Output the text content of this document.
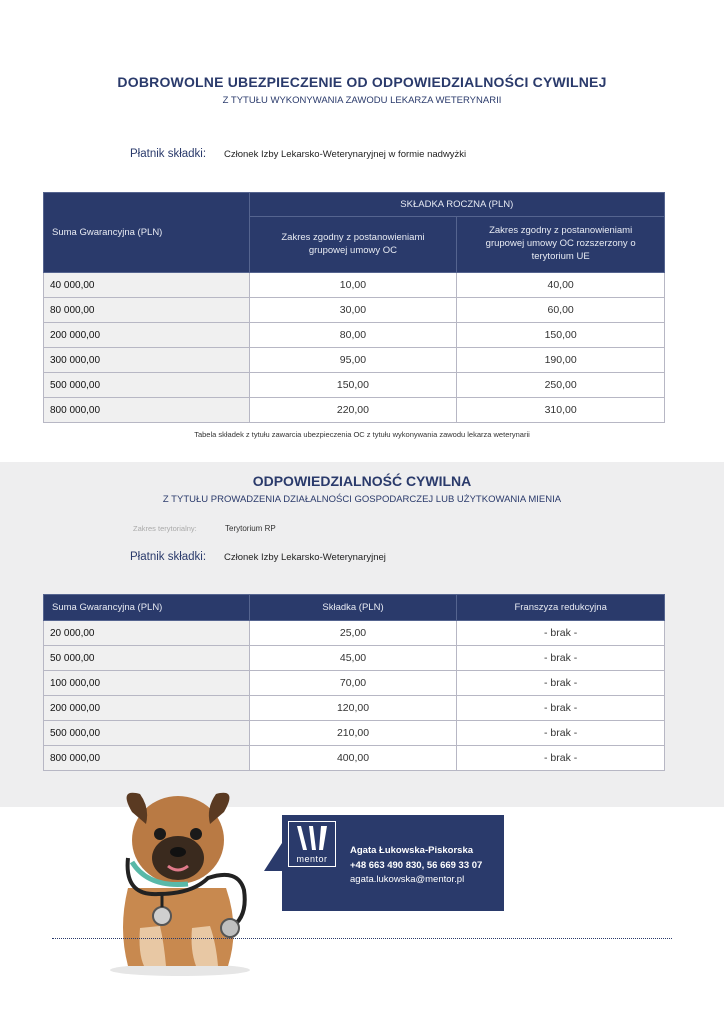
DOBROWOLNE UBEZPIECZENIE OD ODPOWIEDZIALNOŚCI CYWILNEJ
Z TYTUŁU WYKONYWANIA ZAWODU LEKARZA WETERYNARII
Płatnik składki:	Członek Izby Lekarsko-Weterynaryjnej w formie nadwyżki
Suma Gwarancyjna (PLN)	SKŁADKA ROCZNA (PLN)	
	Zakres zgodny z postanowieniami grupowej umowy OC	Zakres zgodny z postanowieniami grupowej umowy OC rozszerzony o terytorium UE
40 000,00	10,00	40,00
80 000,00	30,00	60,00
200 000,00	80,00	150,00
300 000,00	95,00	190,00
500 000,00	150,00	250,00
800 000,00	220,00	310,00
Tabela składek z tytułu zawarcia ubezpieczenia OC z tytułu wykonywania zawodu lekarza weterynarii
ODPOWIEDZIALNOŚĆ CYWILNA
Z TYTUŁU PROWADZENIA DZIAŁALNOŚCI GOSPODARCZEJ LUB UŻYTKOWANIA MIENIA
Zakres terytorialny:	Terytorium RP
Płatnik składki:	Członek Izby Lekarsko-Weterynaryjnej
Suma Gwarancyjna (PLN)	Składka (PLN)	Franszyza redukcyjna
20 000,00	25,00	- brak -
50 000,00	45,00	- brak -
100 000,00	70,00	- brak -
200 000,00	120,00	- brak -
500 000,00	210,00	- brak -
800 000,00	400,00	- brak -
mentor
Agata Łukowska-Piskorska
+48 663 490 830, 56 669 33 07
agata.lukowska@mentor.pl
